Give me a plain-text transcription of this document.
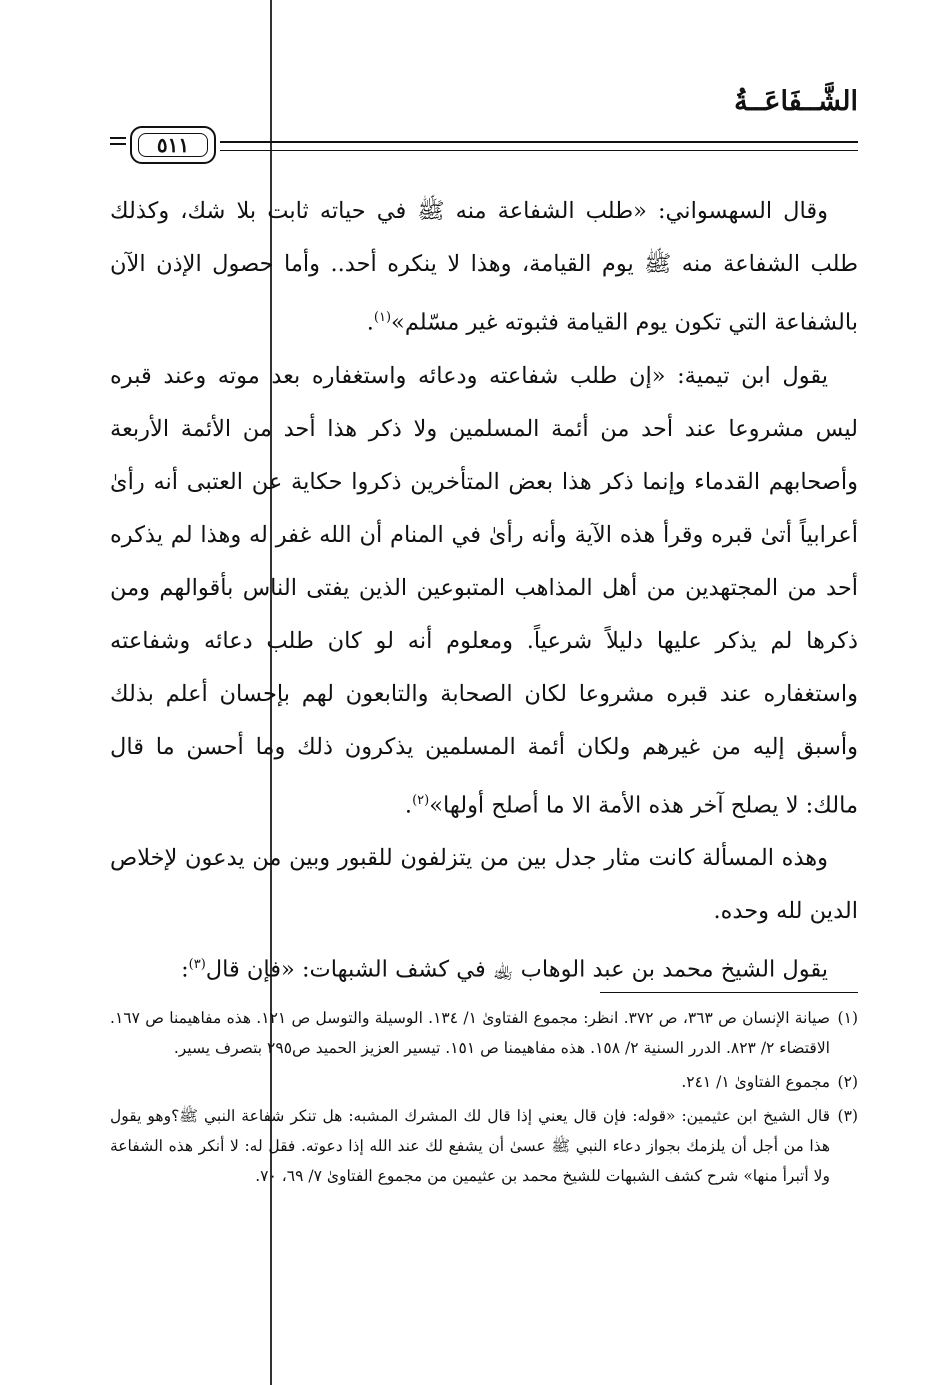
الشَّــفَاعَــةُ
٥١١

وقال السهسواني: «طلب الشفاعة منه ﷺ في حياته ثابت بلا شك، وكذلك طلب الشفاعة منه ﷺ يوم القيامة، وهذا لا ينكره أحد.. وأما حصول الإذن الآن بالشفاعة التي تكون يوم القيامة فثبوته غير مسّلم»$^{(١)}$.

يقول ابن تيمية: «إن طلب شفاعته ودعائه واستغفاره بعد موته وعند قبره ليس مشروعا عند أحد من أئمة المسلمين ولا ذكر هذا أحد من الأئمة الأربعة وأصحابهم القدماء وإنما ذكر هذا بعض المتأخرين ذكروا حكاية عن العتبى أنه رأىٰ أعرابياً أتىٰ قبره وقرأ هذه الآية وأنه رأىٰ في المنام أن الله غفر له وهذا لم يذكره أحد من المجتهدين من أهل المذاهب المتبوعين الذين يفتى الناس بأقوالهم ومن ذكرها لم يذكر عليها دليلاً شرعياً. ومعلوم أنه لو كان طلب دعائه وشفاعته واستغفاره عند قبره مشروعا لكان الصحابة والتابعون لهم بإحسان أعلم بذلك وأسبق إليه من غيرهم ولكان أئمة المسلمين يذكرون ذلك وما أحسن ما قال مالك: لا يصلح آخر هذه الأمة الا ما أصلح أولها»$^{(٢)}$.

وهذه المسألة كانت مثار جدل بين من يتزلفون للقبور وبين من يدعون لإخلاص الدين لله وحده.

يقول الشيخ محمد بن عبد الوهاب ﵀ في كشف الشبهات: «فإن قال$^{(٣)}$:

(١)
صيانة الإنسان ص ٣٦٣، ص ٣٧٢. انظر: مجموع الفتاوىٰ ١/ ١٣٤. الوسيلة والتوسل ص ١٢١. هذه مفاهيمنا ص ١٦٧. الاقتضاء ٢/ ٨٢٣. الدرر السنية ٢/ ١٥٨. هذه مفاهيمنا ص ١٥١. تيسير العزيز الحميد ص٢٩٥ بتصرف يسير.
(٢)
مجموع الفتاوىٰ ١/ ٢٤١.
(٣)
قال الشيخ ابن عثيمين: «قوله: فإن قال يعني إذا قال لك المشرك المشبه: هل تنكر شفاعة النبي ﷺ؟وهو يقول هذا من أجل أن يلزمك بجواز دعاء النبي ﷺ عسىٰ أن يشفع لك عند الله إذا دعوته. فقل له: لا أنكر هذه الشفاعة ولا أتبرأ منها» شرح كشف الشبهات للشيخ محمد بن عثيمين من مجموع الفتاوىٰ ٧/ ٦٩، ٧٠.
